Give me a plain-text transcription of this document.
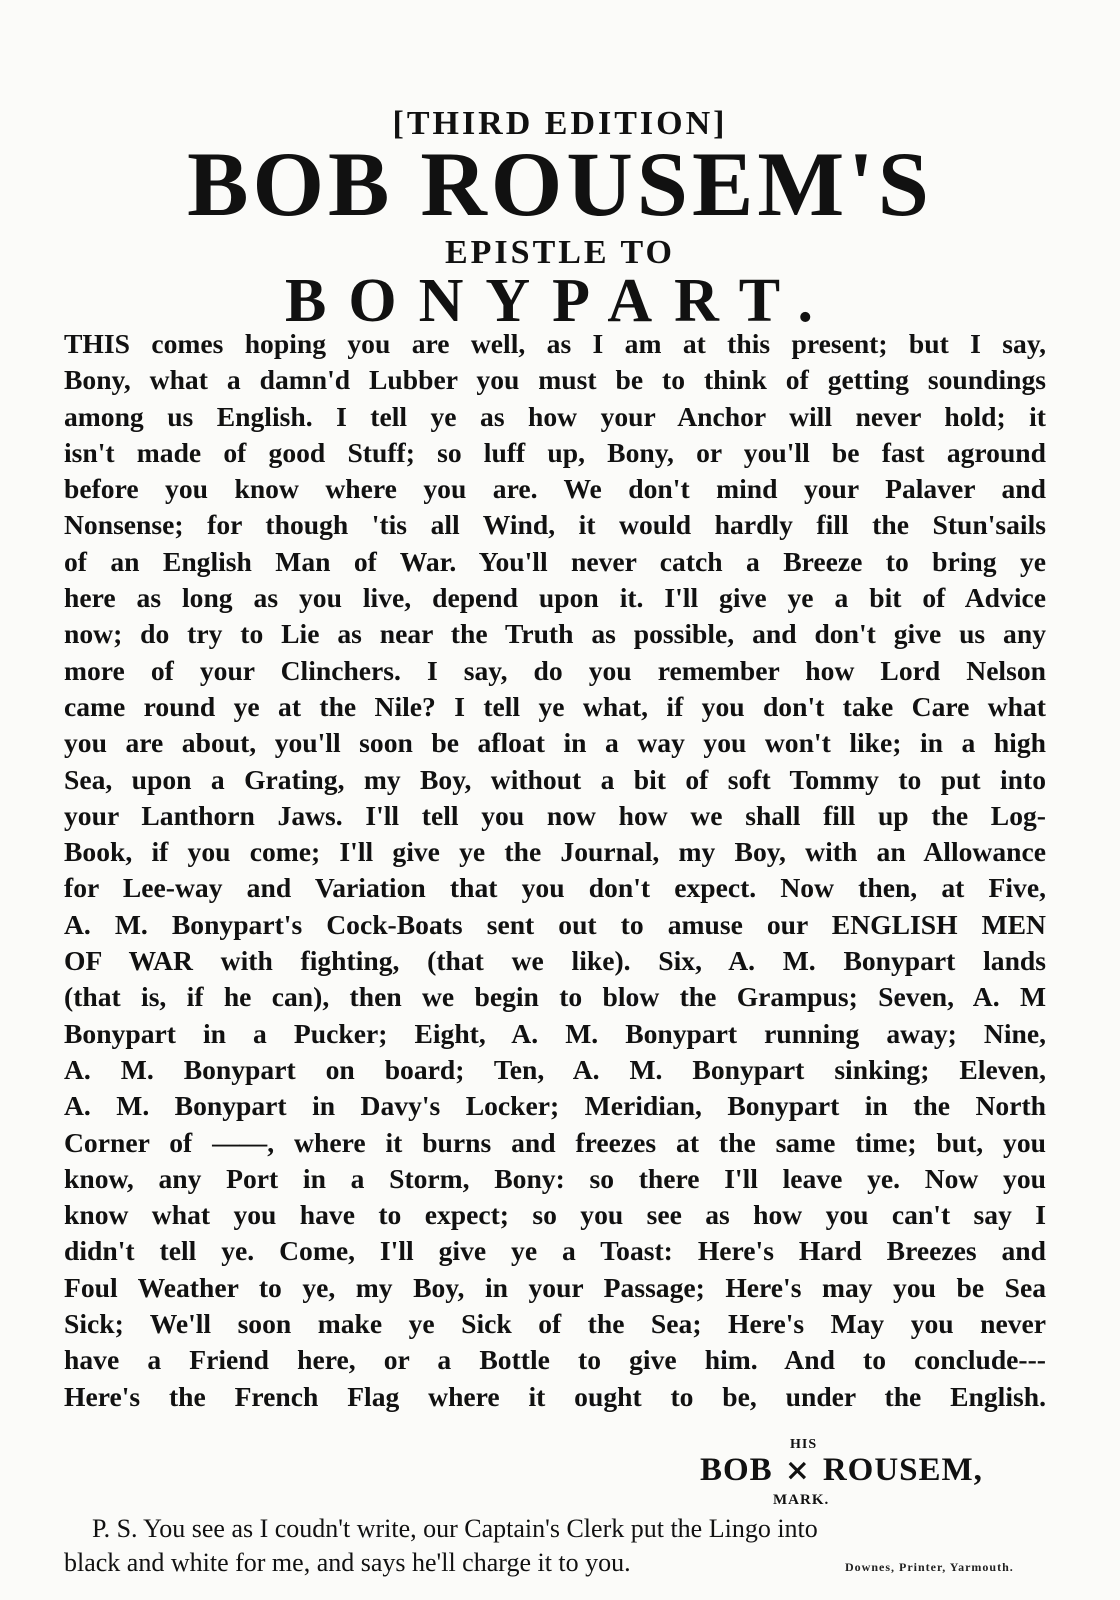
[THIRD EDITION]
BOB ROUSEM'S
EPISTLE TO
BONYPART.
THIS comes hoping you are well, as I am at this present; but I say,
Bony, what a damn'd Lubber you must be to think of getting soundings
among us English. I tell ye as how your Anchor will never hold; it
isn't made of good Stuff; so luff up, Bony, or you'll be fast aground
before you know where you are. We don't mind your Palaver and
Nonsense; for though 'tis all Wind, it would hardly fill the Stun'sails
of an English Man of War. You'll never catch a Breeze to bring ye
here as long as you live, depend upon it. I'll give ye a bit of Advice
now; do try to Lie as near the Truth as possible, and don't give us any
more of your Clinchers. I say, do you remember how Lord Nelson
came round ye at the Nile? I tell ye what, if you don't take Care what
you are about, you'll soon be afloat in a way you won't like; in a high
Sea, upon a Grating, my Boy, without a bit of soft Tommy to put into
your Lanthorn Jaws. I'll tell you now how we shall fill up the Log-
Book, if you come; I'll give ye the Journal, my Boy, with an Allowance
for Lee-way and Variation that you don't expect. Now then, at Five,
A. M. Bonypart's Cock-Boats sent out to amuse our ENGLISH MEN
OF WAR with fighting, (that we like). Six, A. M. Bonypart lands
(that is, if he can), then we begin to blow the Grampus; Seven, A. M
Bonypart in a Pucker; Eight, A. M. Bonypart running away; Nine,
A. M. Bonypart on board; Ten, A. M. Bonypart sinking; Eleven,
A. M. Bonypart in Davy's Locker; Meridian, Bonypart in the North
Corner of ——, where it burns and freezes at the same time; but, you
know, any Port in a Storm, Bony: so there I'll leave ye. Now you
know what you have to expect; so you see as how you can't say I
didn't tell ye. Come, I'll give ye a Toast: Here's Hard Breezes and
Foul Weather to ye, my Boy, in your Passage; Here's may you be Sea
Sick; We'll soon make ye Sick of the Sea; Here's May you never
have a Friend here, or a Bottle to give him. And to conclude---
Here's the French Flag where it ought to be, under the English.
HIS
BOB ⨯ ROUSEM,
MARK.
P. S. You see as I coudn't write, our Captain's Clerk put the Lingo into
black and white for me, and says he'll charge it to you.	Downes, Printer, Yarmouth.
